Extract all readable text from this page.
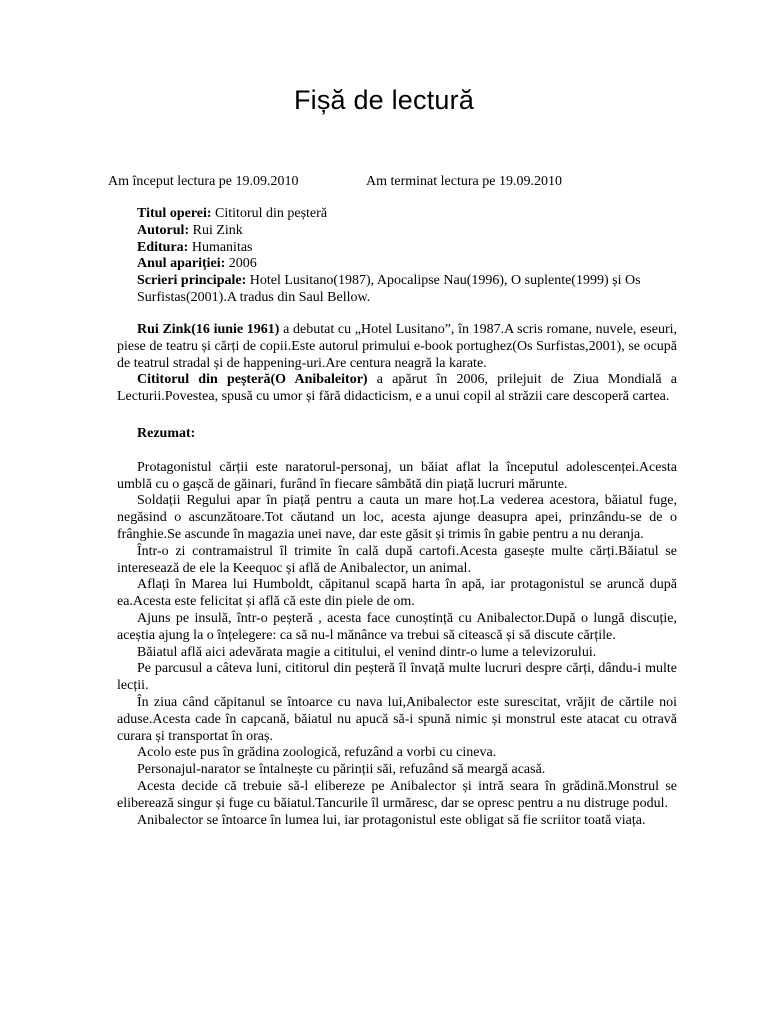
Fișă de lectură
Am început lectura pe 19.09.2010	Am terminat lectura pe 19.09.2010
Titul operei: Cititorul din peșteră
Autorul: Rui Zink
Editura: Humanitas
Anul apariției: 2006
Scrieri principale: Hotel Lusitano(1987), Apocalipse Nau(1996), O suplente(1999) și Os Surfistas(2001).A tradus din Saul Bellow.

Rui Zink(16 iunie 1961) a debutat cu „Hotel Lusitano”, în 1987.A scris romane, nuvele, eseuri, piese de teatru și cărți de copii.Este autorul primului e-book portughez(Os Surfistas,2001), se ocupă de teatrul stradal și de happening-uri.Are centura neagră la karate.

Cititorul din peșteră(O Anibaleitor) a apărut în 2006, prilejuit de Ziua Mondială a Lecturii.Povestea, spusă cu umor și fără didacticism, e a unui copil al străzii care descoperă cartea.

Rezumat:

Protagonistul cărții este naratorul-personaj, un băiat aflat la începutul adolescenței.Acesta umblă cu o gașcă de găinari, furând în fiecare sâmbătă din piață lucruri mărunte.

Soldații Regului apar în piață pentru a cauta un mare hoț.La vederea acestora, băiatul fuge, negăsind o ascunzătoare.Tot căutand un loc, acesta ajunge deasupra apei, prinzându-se de o frânghie.Se ascunde în magazia unei nave, dar este găsit și trimis în gabie pentru a nu deranja.

Într-o zi contramaistrul îl trimite în cală după cartofi.Acesta gasește multe cărți.Băiatul se interesează de ele la Keequoc și află de Anibalector, un animal.

Aflați în Marea lui Humboldt, căpitanul scapă harta în apă, iar protagonistul se aruncă după ea.Acesta este felicitat și află că este din piele de om.

Ajuns pe insulă, într-o peșteră , acesta face cunoștință cu Anibalector.După o lungă discuție, aceștia ajung la o înțelegere: ca să nu-l mănânce va trebui să citească și să discute cărțile.

Băiatul află aici adevărata magie a cititului, el venind dintr-o lume a televizorului.

Pe parcusul a câteva luni, cititorul din peșteră îl învață multe lucruri despre cărți, dându-i multe lecții.

În ziua când căpitanul se întoarce cu nava lui,Anibalector este surescitat, vrăjit de cărtile noi aduse.Acesta cade în capcană, băiatul nu apucă să-i spună nimic și monstrul este atacat cu otravă curara și transportat în oraș.

Acolo este pus în grădina zoologică, refuzând a vorbi cu cineva.

Personajul-narator se întalnește cu părinții săi, refuzând să meargă acasă.

Acesta decide că trebuie să-l elibereze pe Anibalector și intră seara în grădină.Monstrul se eliberează singur și fuge cu băiatul.Tancurile îl urmăresc, dar se opresc pentru a nu distruge podul.

Anibalector se întoarce în lumea lui, iar protagonistul este obligat să fie scriitor toată viața.
